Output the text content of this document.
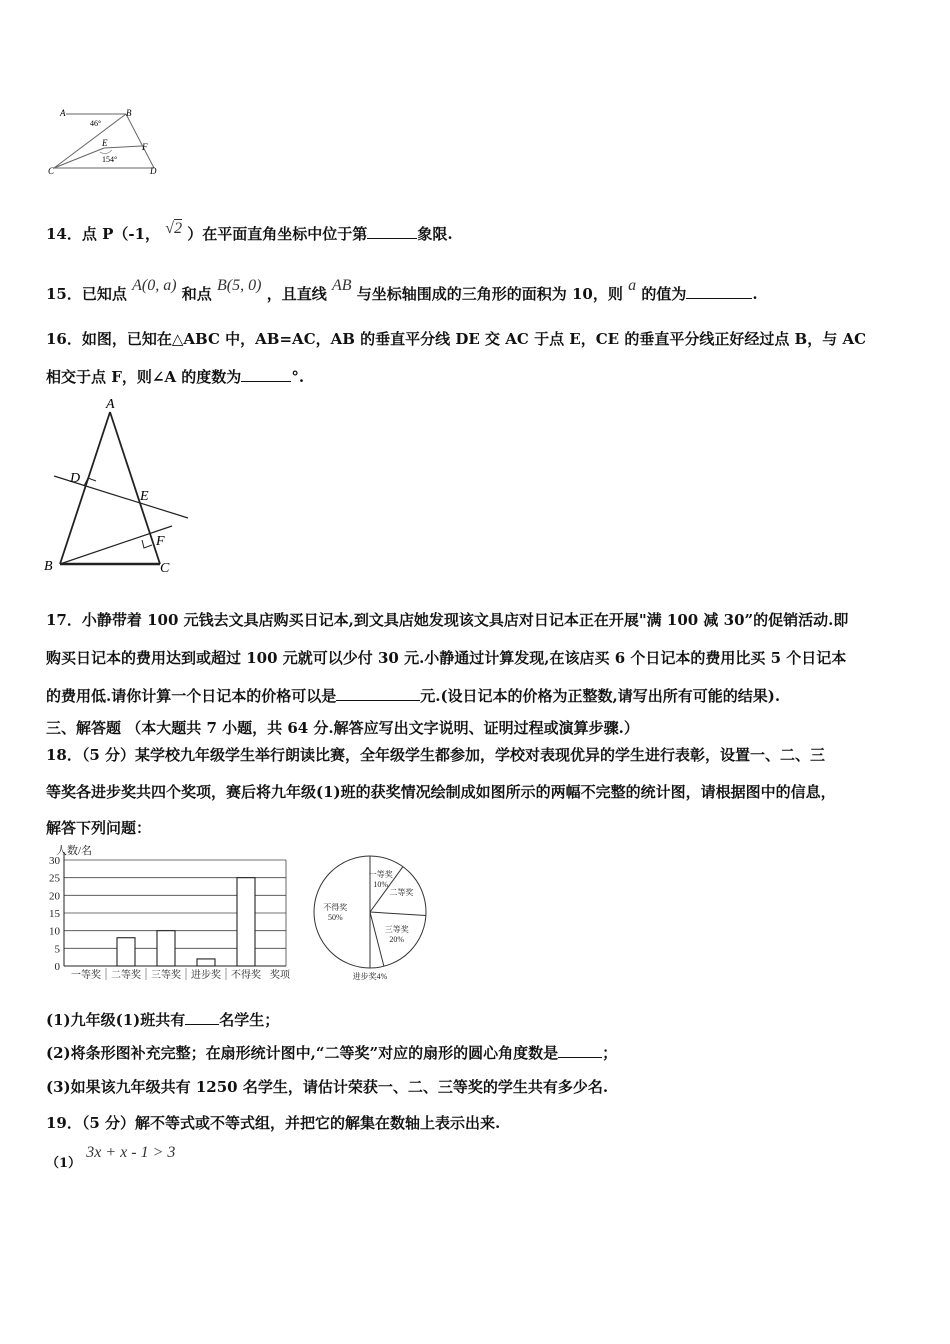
A	B
C	D
E	F
46°
154°
14．点 P（-1， √2 ）在平面直角坐标中位于第	象限.
15．已知点 A(0, a) 和点 B(5, 0) ，且直线 AB 与坐标轴围成的三角形的面积为 10，则 a 的值为	.
16．如图，已知在△ABC 中，AB=AC，AB 的垂直平分线 DE 交 AC 于点 E，CE 的垂直平分线正好经过点 B，与 AC
相交于点 F，则∠A 的度数为	°.
A
B	C
D
E
F
17．小静带着 100 元钱去文具店购买日记本,到文具店她发现该文具店对日记本正在开展"满 100 减 30”的促销活动.即
购买日记本的费用达到或超过 100 元就可以少付 30 元.小静通过计算发现,在该店买 6 个日记本的费用比买 5 个日记本
的费用低.请你计算一个日记本的价格可以是	元.(设日记本的价格为正整数,请写出所有可能的结果).
三、解答题 （本大题共 7 小题，共 64 分.解答应写出文字说明、证明过程或演算步骤.）
18．（5 分）某学校九年级学生举行朗读比赛，全年级学生都参加，学校对表现优异的学生进行表彰，设置一、二、三
等奖各进步奖共四个奖项，赛后将九年级(1)班的获奖情况绘制成如图所示的两幅不完整的统计图，请根据图中的信息，
解答下列问题：
人数/名
0
5
10
15
20
25
30
一等奖 二等奖 三等奖 进步奖 不得奖 奖项
一等奖
10%
二等奖
三等奖
20%
不得奖
50%
进步奖4%
(1)九年级(1)班共有 名学生；
(2)将条形图补充完整；在扇形统计图中,“二等奖”对应的扇形的圆心角度数是	；
(3)如果该九年级共有 1250 名学生，请估计荣获一、二、三等奖的学生共有多少名.
19．（5 分）解不等式或不等式组，并把它的解集在数轴上表示出来.
（1） 3x + x - 1 > 3
